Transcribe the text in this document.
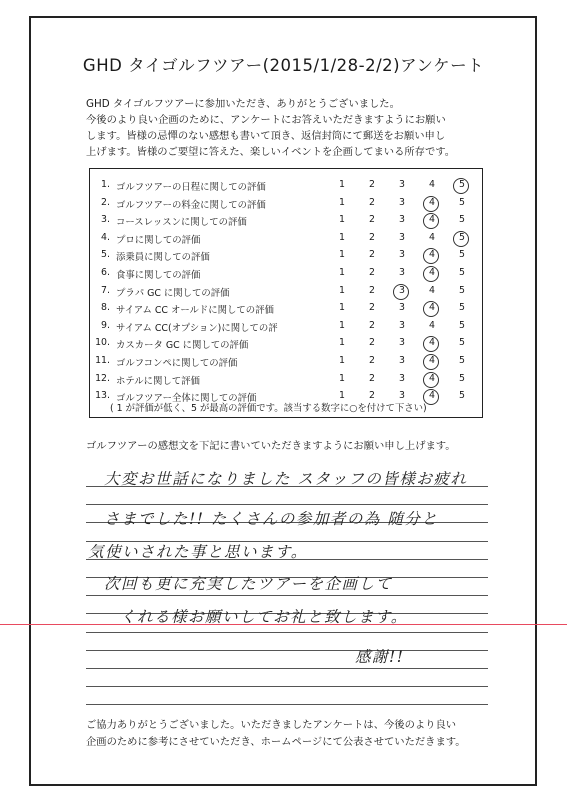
GHD タイゴルフツアー(2015/1/28-2/2)アンケート
GHD タイゴルフツアーに参加いただき、ありがとうございました。
今後のより良い企画のために、アンケートにお答えいただきますようにお願い
します。皆様の忌憚のない感想も書いて頂き、返信封筒にて郵送をお願い申し
上げます。皆様のご要望に答えた、楽しいイベントを企画してまいる所存です。
( 1 が評価が低く、5 が最高の評価です。該当する数字に○を付けて下さい)
1. ゴルフツアーの日程に関しての評価	1	2	3	4	5
2. ゴルフツアーの料金に関しての評価	1	2	3	4	5
3. コースレッスンに関しての評価	1	2	3	4	5
4. プロに関しての評価	1	2	3	4	5
5. 添乗員に関しての評価	1	2	3	4	5
6. 食事に関しての評価	1	2	3	4	5
7. プラパ GC に関しての評価	1	2	3	4	5
8. サイアム CC オールドに関しての評価	1	2	3	4	5
9. サイアム CC(オプション)に関しての評	1	2	3	4	5
10. カスカータ GC に関しての評価	1	2	3	4	5
11. ゴルフコンペに関しての評価	1	2	3	4	5
12. ホテルに関して評価	1	2	3	4	5
13. ゴルフツアー全体に関しての評価	1	2	3	4	5
ゴルフツアーの感想文を下記に書いていただきますようにお願い申し上げます。
大変お世話になりました スタッフの皆様お疲れ
さまでした!! たくさんの参加者の為 随分と
気使いされた事と思います。
次回も更に充実したツアーを企画して
くれる様お願いしてお礼と致します。
感謝!!
ご協力ありがとうございました。いただきましたアンケートは、今後のより良い
企画のために参考にさせていただき、ホームページにて公表させていただきます。
